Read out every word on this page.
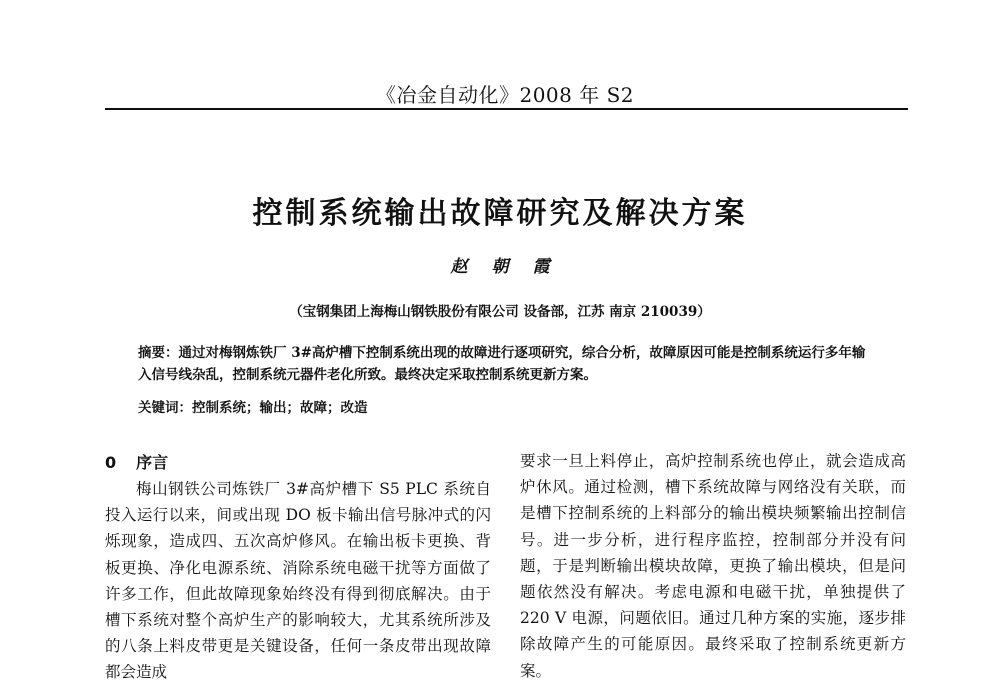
《冶金自动化》2008 年 S2
控制系统输出故障研究及解决方案
赵朝霞
（宝钢集团上海梅山钢铁股份有限公司 设备部，江苏 南京 210039）
摘要：通过对梅钢炼铁厂 3#高炉槽下控制系统出现的故障进行逐项研究，综合分析，故障原因可能是控制系统运行多年输入信号线杂乱，控制系统元器件老化所致。最终决定采取控制系统更新方案。
关键词：控制系统；输出；故障；改造
0 序言

梅山钢铁公司炼铁厂 3#高炉槽下 S5 PLC 系统自投入运行以来，间或出现 DO 板卡输出信号脉冲式的闪烁现象，造成四、五次高炉修风。在输出板卡更换、背板更换、净化电源系统、消除系统电磁干扰等方面做了许多工作，但此故障现象始终没有得到彻底解决。由于槽下系统对整个高炉生产的影响较大，尤其系统所涉及的八条上料皮带更是关键设备，任何一条皮带出现故障都会造成

要求一旦上料停止，高炉控制系统也停止，就会造成高炉休风。通过检测，槽下系统故障与网络没有关联，而是槽下控制系统的上料部分的输出模块频繁输出控制信号。进一步分析，进行程序监控，控制部分并没有问题，于是判断输出模块故障，更换了输出模块，但是问题依然没有解决。考虑电源和电磁干扰，单独提供了 220 V 电源，问题依旧。通过几种方案的实施，逐步排除故障产生的可能原因。最终采取了控制系统更新方案。
